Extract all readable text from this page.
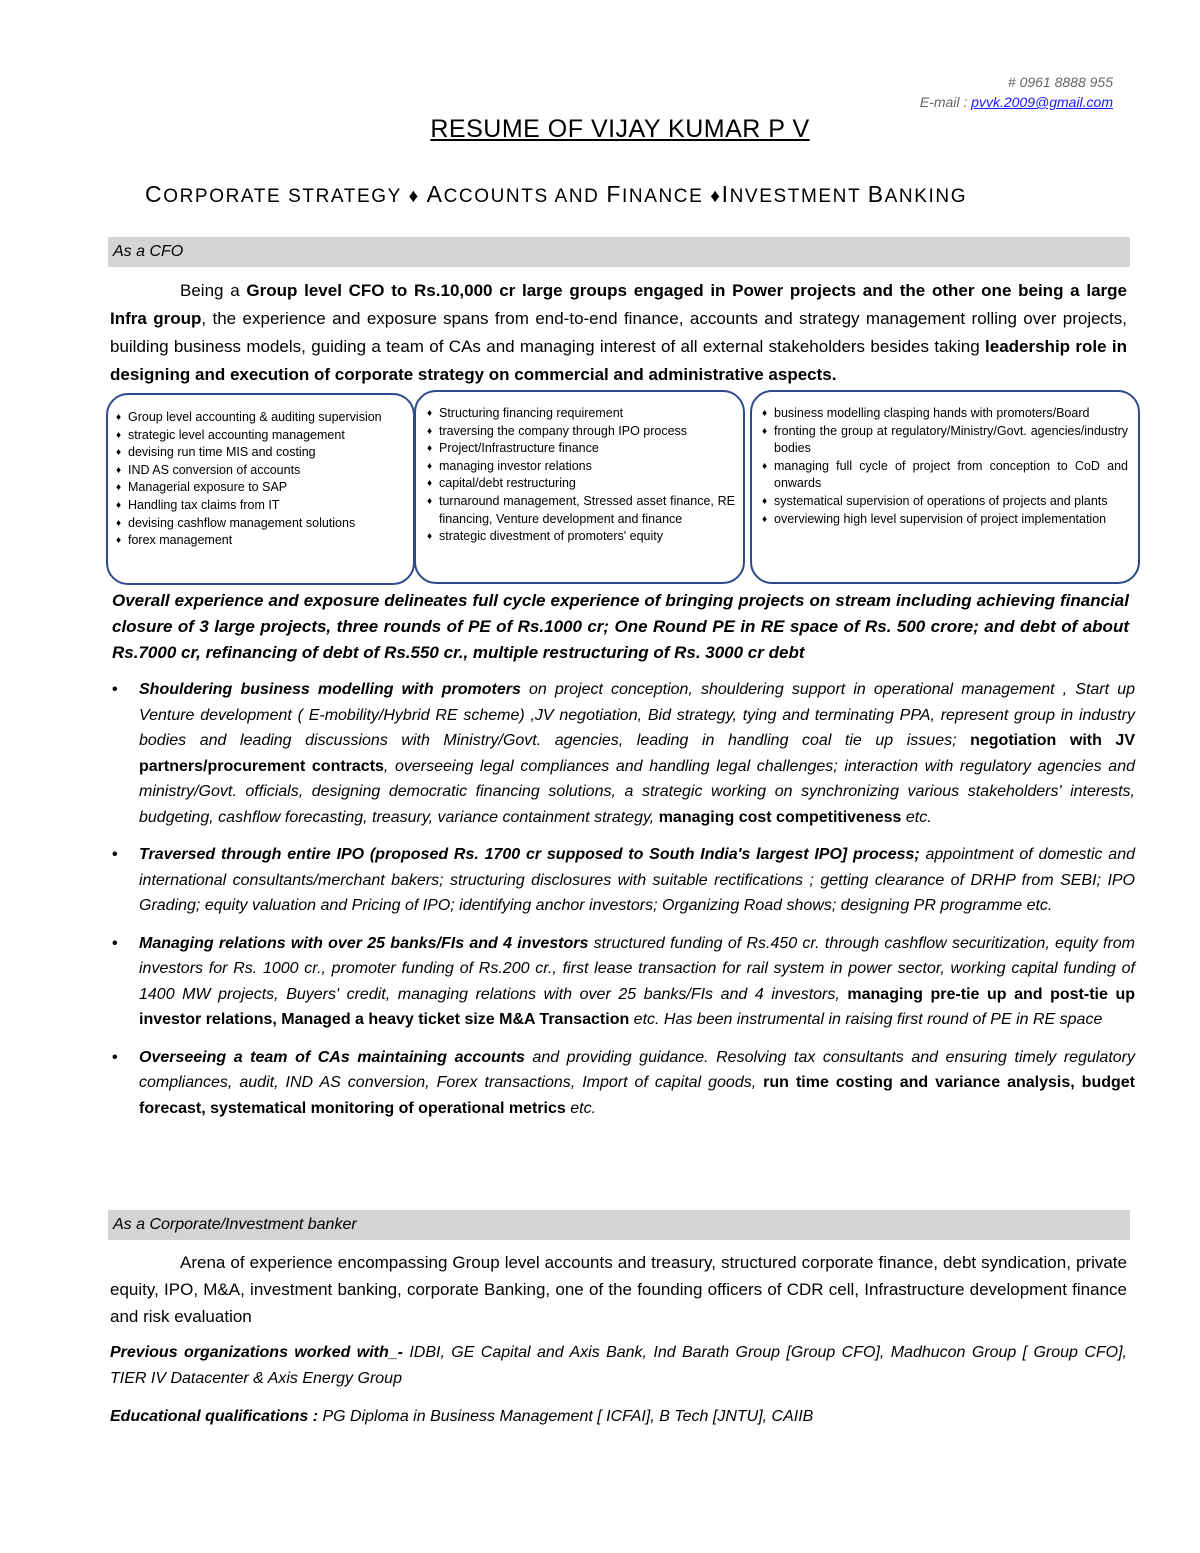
# 0961 8888 955
E-mail : pvvk.2009@gmail.com
RESUME OF VIJAY KUMAR P V
CORPORATE STRATEGY ♦ ACCOUNTS AND FINANCE ♦INVESTMENT BANKING
As a CFO
Being a Group level CFO to Rs.10,000 cr large groups engaged in Power projects and the other one being a large Infra group, the experience and exposure spans from end-to-end finance, accounts and strategy management rolling over projects, building business models, guiding a team of CAs and managing interest of all external stakeholders besides taking leadership role in designing and execution of corporate strategy on commercial and administrative aspects.
♦ Group level accounting & auditing supervision
♦ strategic level accounting management
♦ devising run time MIS and costing
♦ IND AS conversion of accounts
♦ Managerial exposure to SAP
♦ Handling tax claims from IT
♦ devising cashflow management solutions
♦ forex management
♦ Structuring financing requirement
♦ traversing the company through IPO process
♦ Project/Infrastructure finance
♦ managing investor relations
♦ capital/debt restructuring
♦ turnaround management, Stressed asset finance, RE financing, Venture development and finance
♦ strategic divestment of promoters' equity
♦ business modelling clasping hands with promoters/Board
♦ fronting the group at regulatory/Ministry/Govt. agencies/industry bodies
♦ managing full cycle of project from conception to CoD and onwards
♦ systematical supervision of operations of projects and plants
♦ overviewing high level supervision of project implementation
Overall experience and exposure delineates full cycle experience of bringing projects on stream including achieving financial closure of 3 large projects, three rounds of PE of Rs.1000 cr; One Round PE in RE space of Rs. 500 crore; and debt of about Rs.7000 cr, refinancing of debt of Rs.550 cr., multiple restructuring of Rs. 3000 cr debt
• Shouldering business modelling with promoters on project conception, shouldering support in operational management , Start up Venture development ( E-mobility/Hybrid RE scheme) ,JV negotiation, Bid strategy, tying and terminating PPA, represent group in industry bodies and leading discussions with Ministry/Govt. agencies, leading in handling coal tie up issues; negotiation with JV partners/procurement contracts, overseeing legal compliances and handling legal challenges; interaction with regulatory agencies and ministry/Govt. officials, designing democratic financing solutions, a strategic working on synchronizing various stakeholders' interests, budgeting, cashflow forecasting, treasury, variance containment strategy, managing cost competitiveness etc.
• Traversed through entire IPO (proposed Rs. 1700 cr supposed to South India's largest IPO] process; appointment of domestic and international consultants/merchant bakers; structuring disclosures with suitable rectifications ; getting clearance of DRHP from SEBI; IPO Grading; equity valuation and Pricing of IPO; identifying anchor investors; Organizing Road shows; designing PR programme etc.
• Managing relations with over 25 banks/FIs and 4 investors structured funding of Rs.450 cr. through cashflow securitization, equity from investors for Rs. 1000 cr., promoter funding of Rs.200 cr., first lease transaction for rail system in power sector, working capital funding of 1400 MW projects, Buyers' credit, managing relations with over 25 banks/FIs and 4 investors, managing pre-tie up and post-tie up investor relations, Managed a heavy ticket size M&A Transaction etc. Has been instrumental in raising first round of PE in RE space
• Overseeing a team of CAs maintaining accounts and providing guidance. Resolving tax consultants and ensuring timely regulatory compliances, audit, IND AS conversion, Forex transactions, Import of capital goods, run time costing and variance analysis, budget forecast, systematical monitoring of operational metrics etc.
As a Corporate/Investment banker
Arena of experience encompassing Group level accounts and treasury, structured corporate finance, debt syndication, private equity, IPO, M&A, investment banking, corporate Banking, one of the founding officers of CDR cell, Infrastructure development finance and risk evaluation
Previous organizations worked with_- IDBI, GE Capital and Axis Bank, Ind Barath Group [Group CFO], Madhucon Group [ Group CFO], TIER IV Datacenter & Axis Energy Group
Educational qualifications : PG Diploma in Business Management [ ICFAI], B Tech [JNTU], CAIIB
